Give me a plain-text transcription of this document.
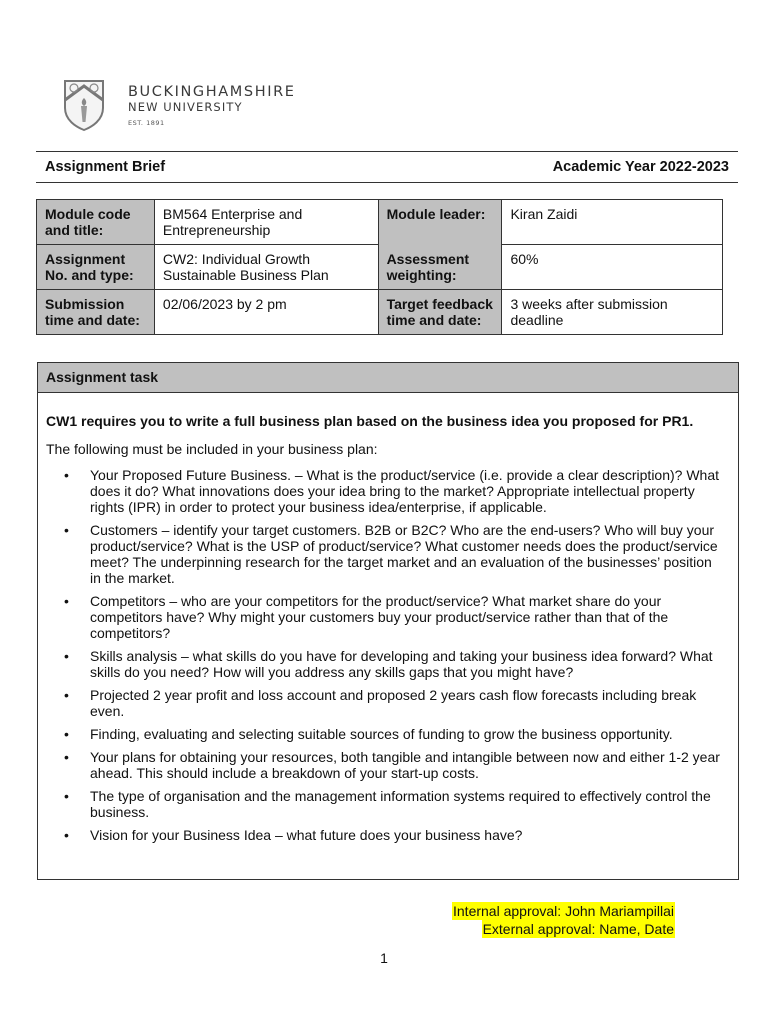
BUCKINGHAMSHIRE
NEW UNIVERSITY
EST. 1891
Assignment Brief	Academic Year 2022-2023
Module code and title:	BM564 Enterprise and Entrepreneurship	Module leader:	Kiran Zaidi
Assignment No. and type:	CW2: Individual Growth Sustainable Business Plan	Assessment weighting:	60%
Submission time and date:	02/06/2023 by 2 pm	Target feedback time and date:	3 weeks after submission deadline
Assignment task

CW1 requires you to write a full business plan based on the business idea you proposed for PR1.

The following must be included in your business plan:

• Your Proposed Future Business. – What is the product/service (i.e. provide a clear description)? What does it do? What innovations does your idea bring to the market? Appropriate intellectual property rights (IPR) in order to protect your business idea/enterprise, if applicable.
• Customers – identify your target customers. B2B or B2C? Who are the end-users? Who will buy your product/service? What is the USP of product/service? What customer needs does the product/service meet? The underpinning research for the target market and an evaluation of the businesses’ position in the market.
• Competitors – who are your competitors for the product/service? What market share do your competitors have? Why might your customers buy your product/service rather than that of the competitors?
• Skills analysis – what skills do you have for developing and taking your business idea forward? What skills do you need? How will you address any skills gaps that you might have?
• Projected 2 year profit and loss account and proposed 2 years cash flow forecasts including break even.
• Finding, evaluating and selecting suitable sources of funding to grow the business opportunity.
• Your plans for obtaining your resources, both tangible and intangible between now and either 1-2 year ahead. This should include a breakdown of your start-up costs.
• The type of organisation and the management information systems required to effectively control the business.
• Vision for your Business Idea – what future does your business have?
Internal approval: John Mariampillai
External approval: Name, Date
1
